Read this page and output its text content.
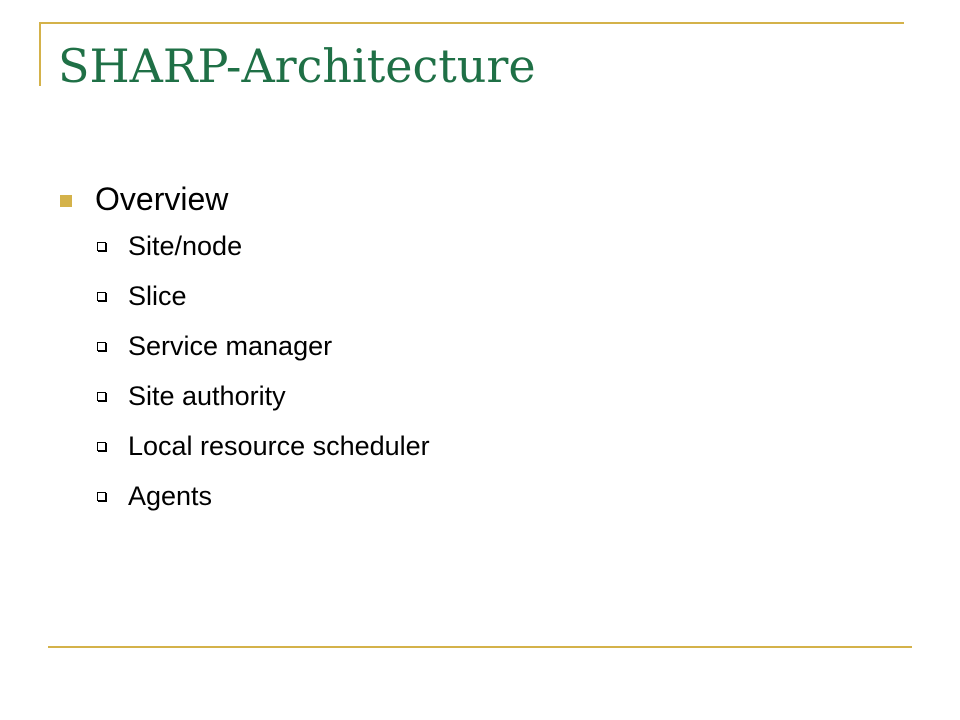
SHARP-Architecture
Overview
Site/node
Slice
Service manager
Site authority
Local resource scheduler
Agents
